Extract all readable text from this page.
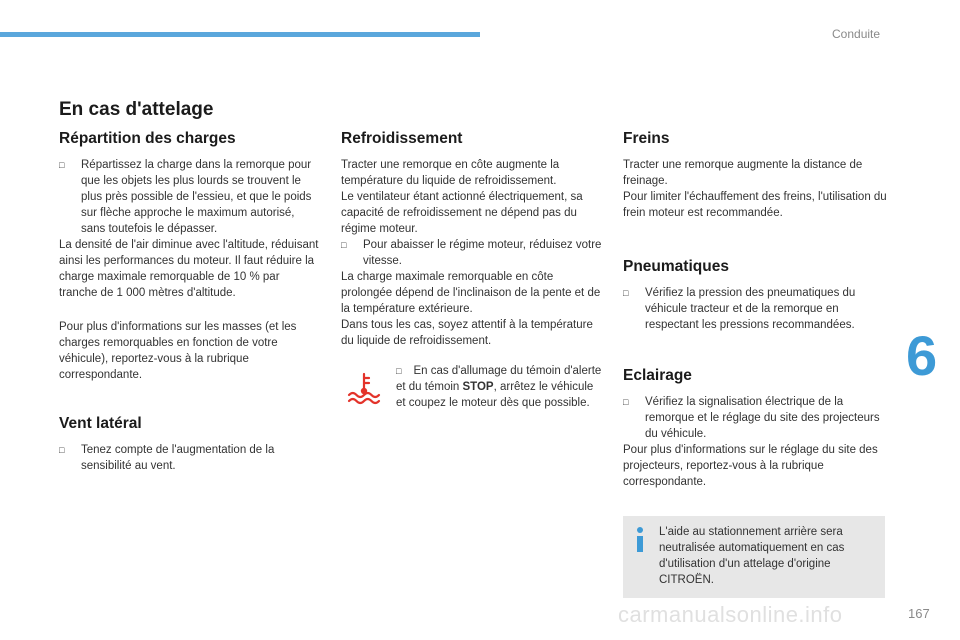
Conduite
6
carmanualsonline.info	167
En cas d'attelage
Répartition des charges
□ Répartissez la charge dans la remorque pour que les objets les plus lourds se trouvent le plus près possible de l'essieu, et que le poids sur flèche approche le maximum autorisé, sans toutefois le dépasser.

La densité de l'air diminue avec l'altitude, réduisant ainsi les performances du moteur. Il faut réduire la charge maximale remorquable de 10 % par tranche de 1 000 mètres d'altitude.

Pour plus d'informations sur les masses (et les charges remorquables en fonction de votre véhicule), reportez-vous à la rubrique correspondante.

Vent latéral
□ Tenez compte de l'augmentation de la sensibilité au vent.
Refroidissement

Tracter une remorque en côte augmente la température du liquide de refroidissement.

Le ventilateur étant actionné électriquement, sa capacité de refroidissement ne dépend pas du régime moteur.

□ Pour abaisser le régime moteur, réduisez votre vitesse.

La charge maximale remorquable en côte prolongée dépend de l'inclinaison de la pente et de la température extérieure.

Dans tous les cas, soyez attentif à la température du liquide de refroidissement.

□ En cas d'allumage du témoin d'alerte et du témoin STOP, arrêtez le véhicule et coupez le moteur dès que possible.
Freins

Tracter une remorque augmente la distance de freinage.

Pour limiter l'échauffement des freins, l'utilisation du frein moteur est recommandée.

Pneumatiques
□ Vérifiez la pression des pneumatiques du véhicule tracteur et de la remorque en respectant les pressions recommandées.
Eclairage
□ Vérifiez la signalisation électrique de la remorque et le réglage du site des projecteurs du véhicule.

Pour plus d'informations sur le réglage du site des projecteurs, reportez-vous à la rubrique correspondante.

L'aide au stationnement arrière sera neutralisée automatiquement en cas d'utilisation d'un attelage d'origine CITROËN.
